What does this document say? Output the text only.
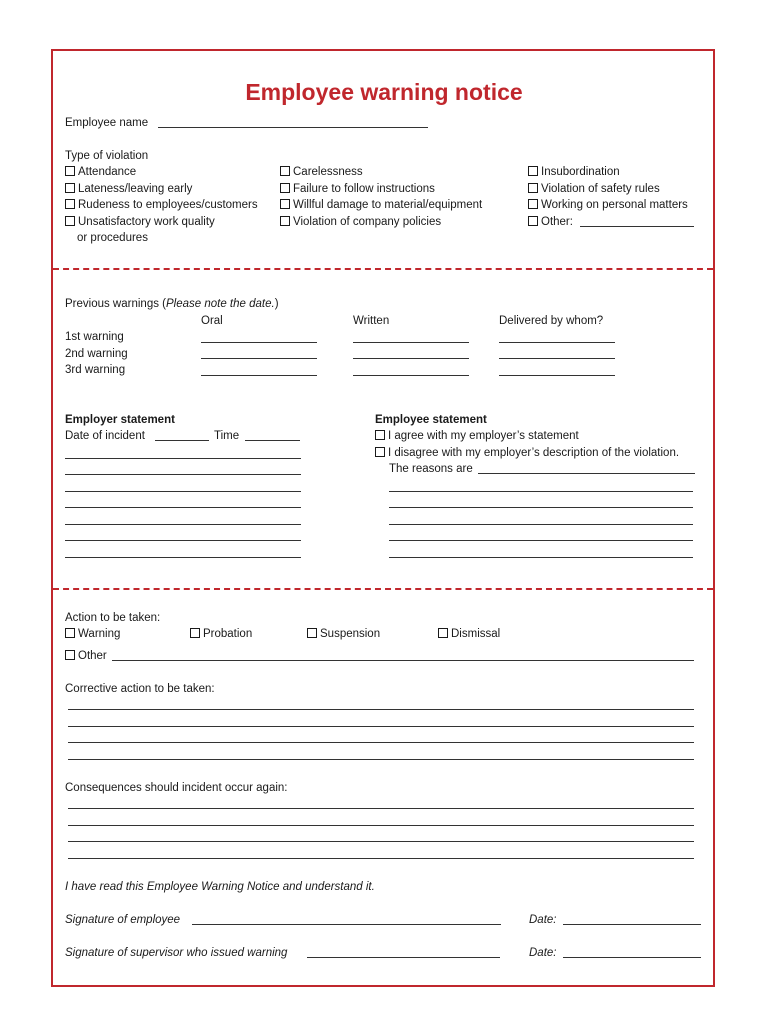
Employee warning notice
Employee name
Type of violation
Attendance
Lateness/leaving early
Rudeness to employees/customers
Unsatisfactory work quality
or procedures
Carelessness
Failure to follow instructions
Willful damage to material/equipment
Violation of company policies
Insubordination
Violation of safety rules
Working on personal matters
Other:
Previous warnings (Please note the date.)
Oral	Written	Delivered by whom?
1st warning
2nd warning
3rd warning
Employer statement
Date of incident	Time
Employee statement
I agree with my employer’s statement
I disagree with my employer’s description of the violation.
The reasons are
Action to be taken:
Warning	Probation	Suspension	Dismissal
Other
Corrective action to be taken:
Consequences should incident occur again:
I have read this Employee Warning Notice and understand it.
Signature of employee	Date:
Signature of supervisor who issued warning	Date:
